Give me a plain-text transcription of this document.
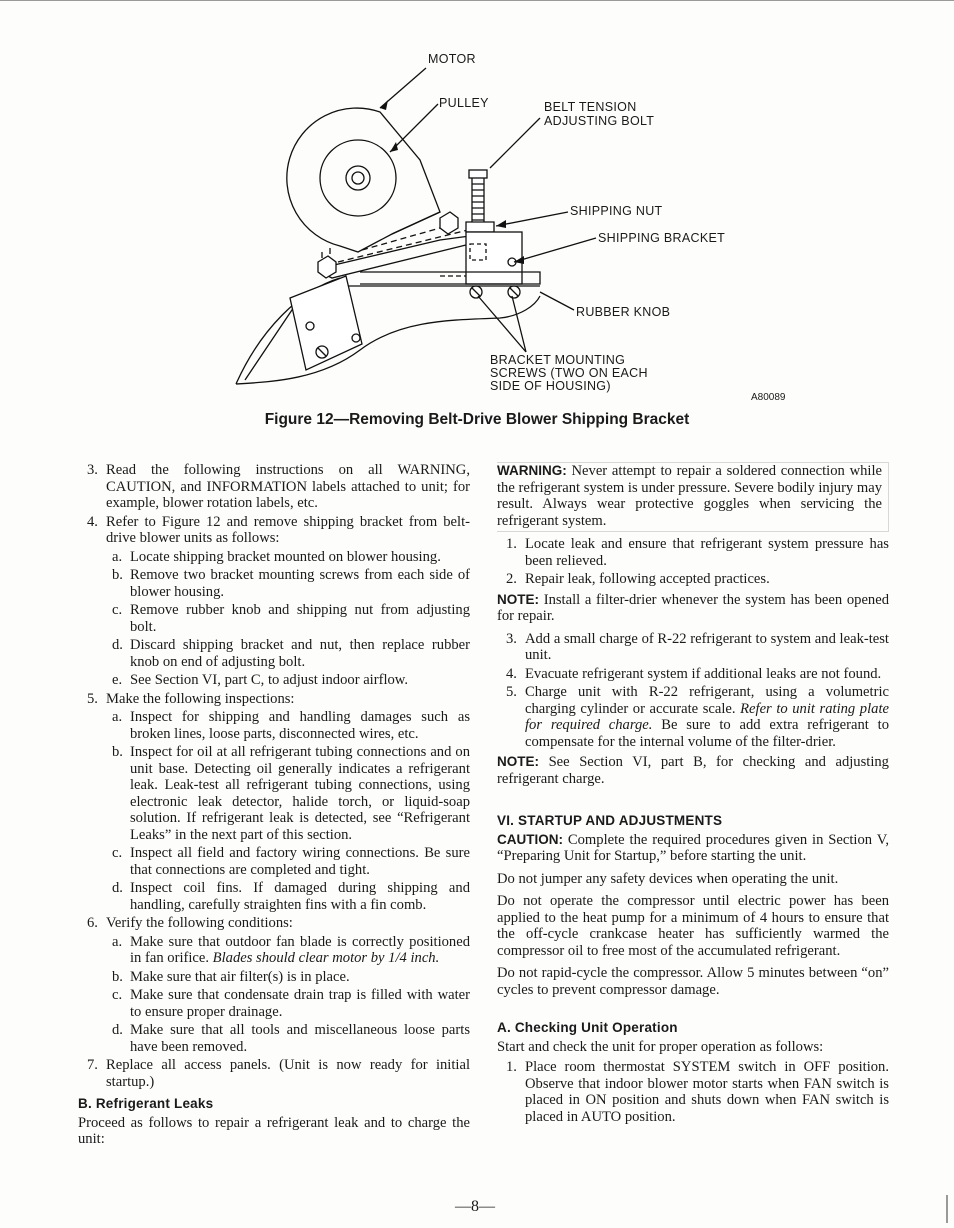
MOTOR
PULLEY	BELT TENSION
ADJUSTING BOLT
SHIPPING NUT
SHIPPING BRACKET
RUBBER KNOB
BRACKET MOUNTING
SCREWS (TWO ON EACH
SIDE OF HOUSING)
A80089
Figure 12—Removing Belt-Drive Blower Shipping Bracket
3. Read the following instructions on all WARNING, CAUTION, and INFORMATION labels attached to unit; for example, blower rotation labels, etc.
4. Refer to Figure 12 and remove shipping bracket from belt-drive blower units as follows:
a. Locate shipping bracket mounted on blower housing.
b. Remove two bracket mounting screws from each side of blower housing.
c. Remove rubber knob and shipping nut from adjusting bolt.
d. Discard shipping bracket and nut, then replace rubber knob on end of adjusting bolt.
e. See Section VI, part C, to adjust indoor airflow.
5. Make the following inspections:
a. Inspect for shipping and handling damages such as broken lines, loose parts, disconnected wires, etc.
b. Inspect for oil at all refrigerant tubing connections and on unit base. Detecting oil generally indicates a refrigerant leak. Leak-test all refrigerant tubing connections, using electronic leak detector, halide torch, or liquid-soap solution. If refrigerant leak is detected, see “Refrigerant Leaks” in the next part of this section.
c. Inspect all field and factory wiring connections. Be sure that connections are completed and tight.
d. Inspect coil fins. If damaged during shipping and handling, carefully straighten fins with a fin comb.
6. Verify the following conditions:
a. Make sure that outdoor fan blade is correctly positioned in fan orifice. Blades should clear motor by 1/4 inch.
b. Make sure that air filter(s) is in place.
c. Make sure that condensate drain trap is filled with water to ensure proper drainage.
d. Make sure that all tools and miscellaneous loose parts have been removed.
7. Replace all access panels. (Unit is now ready for initial startup.)
B. Refrigerant Leaks
Proceed as follows to repair a refrigerant leak and to charge the unit:
WARNING: Never attempt to repair a soldered connection while the refrigerant system is under pressure. Severe bodily injury may result. Always wear protective goggles when servicing the refrigerant system.
1. Locate leak and ensure that refrigerant system pressure has been relieved.
2. Repair leak, following accepted practices.
NOTE: Install a filter-drier whenever the system has been opened for repair.
3. Add a small charge of R-22 refrigerant to system and leak-test unit.
4. Evacuate refrigerant system if additional leaks are not found.
5. Charge unit with R-22 refrigerant, using a volumetric charging cylinder or accurate scale. Refer to unit rating plate for required charge. Be sure to add extra refrigerant to compensate for the internal volume of the filter-drier.
NOTE: See Section VI, part B, for checking and adjusting refrigerant charge.
VI. STARTUP AND ADJUSTMENTS
CAUTION: Complete the required procedures given in Section V, “Preparing Unit for Startup,” before starting the unit.
Do not jumper any safety devices when operating the unit.
Do not operate the compressor until electric power has been applied to the heat pump for a minimum of 4 hours to ensure that the off-cycle crankcase heater has sufficiently warmed the compressor oil to free most of the accumulated refrigerant.
Do not rapid-cycle the compressor. Allow 5 minutes between “on” cycles to prevent compressor damage.
A. Checking Unit Operation
Start and check the unit for proper operation as follows:
1. Place room thermostat SYSTEM switch in OFF position. Observe that indoor blower motor starts when FAN switch is placed in ON position and shuts down when FAN switch is placed in AUTO position.
—8—
